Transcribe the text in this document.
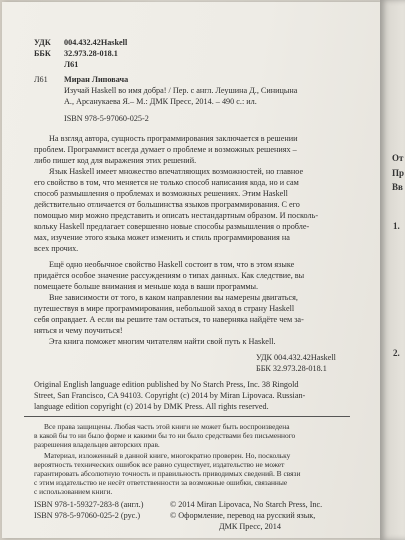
От
Пр
Вв
1.
2.
УДК 004.432.42Haskell
ББК 32.973.28-018.1
Л61
Л61 Миран Липовача
Изучай Haskell во имя добра! / Пер. с англ. Леушина Д., Синицына
А., Арсанукаева Я.– М.: ДМК Пресс, 2014. – 490 с.: ил.
ISBN 978-5-97060-025-2
На взгляд автора, сущность программирования заключается в решении
проблем. Программист всегда думает о проблеме и возможных решениях –
либо пишет код для выражения этих решений.
Язык Haskell имеет множество впечатляющих возможностей, но главное
его свойство в том, что меняется не только способ написания кода, но и сам
способ размышления о проблемах и возможных решениях. Этим Haskell
действительно отличается от большинства языков программирования. С его
помощью мир можно представить и описать нестандартным образом. И посколь-
кольку Haskell предлагает совершенно новые способы размышления о пробле-
мах, изучение этого языка может изменить и стиль программирования на
всех прочих.
Ещё одно необычное свойство Haskell состоит в том, что в этом языке
придаётся особое значение рассуждениям о типах данных. Как следствие, вы
помещаете больше внимания и меньше кода в ваши программы.
Вне зависимости от того, в каком направлении вы намерены двигаться,
путешествуя в мире программирования, небольшой заход в страну Haskell
себя оправдает. А если вы решите там остаться, то наверняка найдёте чем за-
няться и чему поучиться!
Эта книга поможет многим читателям найти свой путь к Haskell.
УДК 004.432.42Haskell
ББК 32.973.28-018.1
Original English language edition published by No Starch Press, Inc. 38 Ringold
Street, San Francisco, CA 94103. Copyright (c) 2014 by Miran Lipovaca. Russian-
language edition copyright (c) 2014 by DMK Press. All rights reserved.
Все права защищены. Любая часть этой книги не может быть воспроизведена
в какой бы то ни было форме и какими бы то ни было средствами без письменного
разрешения владельцев авторских прав.
Материал, изложенный в данной книге, многократно проверен. Но, поскольку
вероятность технических ошибок все равно существует, издательство не может
гарантировать абсолютную точность и правильность приводимых сведений. В связи
с этим издательство не несёт ответственности за возможные ошибки, связанные
с использованием книги.
ISBN 978-1-59327-283-8 (англ.)
ISBN 978-5-97060-025-2 (рус.)
© 2014 Miran Lipovaca, No Starch Press, Inc.
© Оформление, перевод на русский язык,
ДМК Пресс, 2014
